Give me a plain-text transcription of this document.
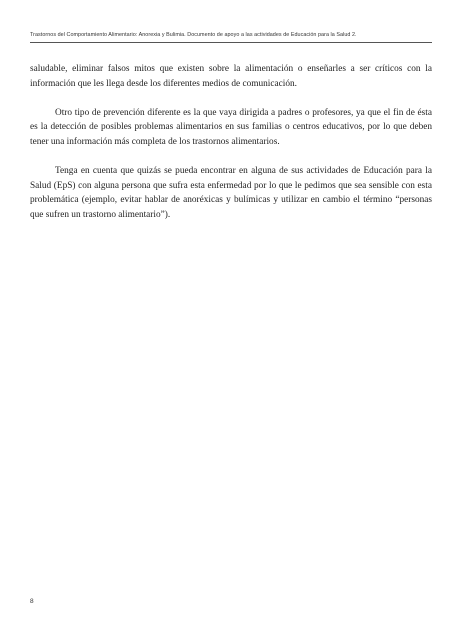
Trastornos del Comportamiento Alimentario: Anorexia y Bulimia. Documento de apoyo a las actividades de Educación para la Salud 2.

saludable, eliminar falsos mitos que existen sobre la alimentación o enseñarles a ser críticos con la información que les llega desde los diferentes medios de comunicación.

Otro tipo de prevención diferente es la que vaya dirigida a padres o profesores, ya que el fin de ésta es la detección de posibles problemas alimentarios en sus familias o centros educativos, por lo que deben tener una información más completa de los trastornos alimentarios.

Tenga en cuenta que quizás se pueda encontrar en alguna de sus actividades de Educación para la Salud (EpS) con alguna persona que sufra esta enfermedad por lo que le pedimos que sea sensible con esta problemática (ejemplo, evitar hablar de anoréxicas y bulímicas y utilizar en cambio el término “personas que sufren un trastorno alimentario”).

8
